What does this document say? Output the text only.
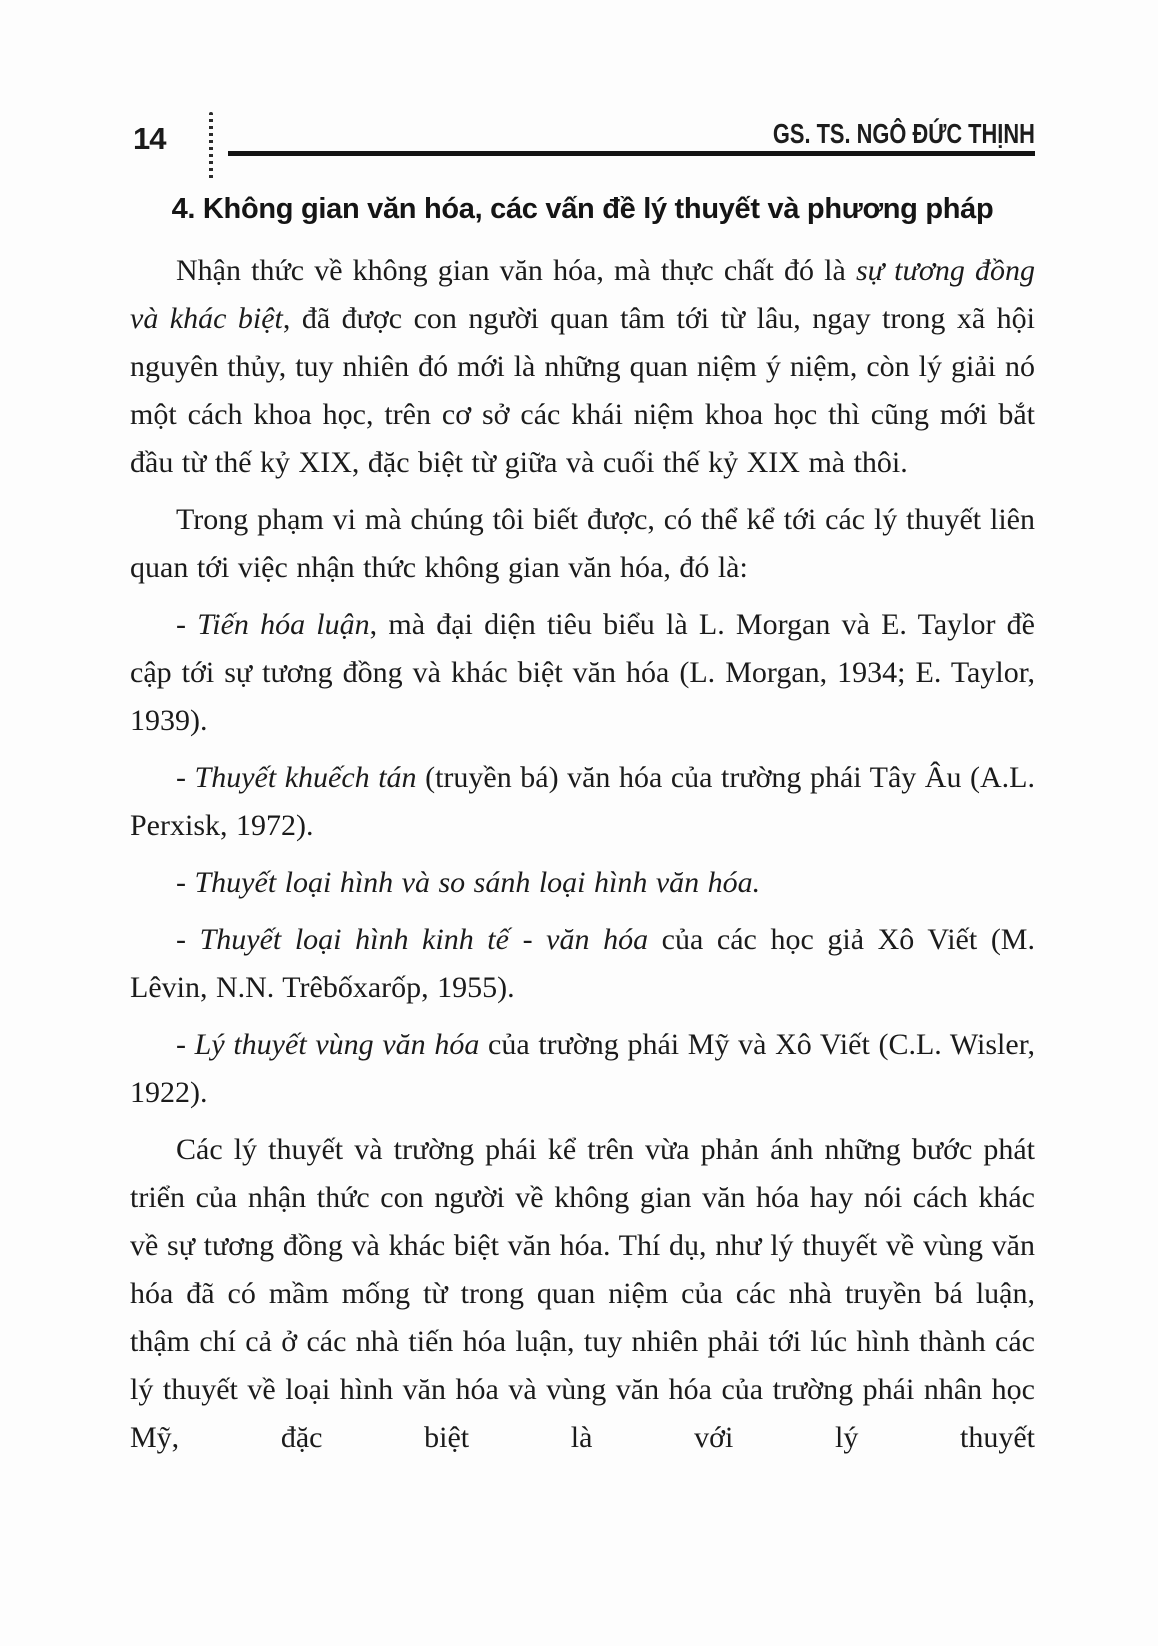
14	GS. TS. NGÔ ĐỨC THỊNH
4. Không gian văn hóa, các vấn đề lý thuyết và phương pháp

Nhận thức về không gian văn hóa, mà thực chất đó là sự tương đồng và khác biệt, đã được con người quan tâm tới từ lâu, ngay trong xã hội nguyên thủy, tuy nhiên đó mới là những quan niệm ý niệm, còn lý giải nó một cách khoa học, trên cơ sở các khái niệm khoa học thì cũng mới bắt đầu từ thế kỷ XIX, đặc biệt từ giữa và cuối thế kỷ XIX mà thôi.

Trong phạm vi mà chúng tôi biết được, có thể kể tới các lý thuyết liên quan tới việc nhận thức không gian văn hóa, đó là:

- Tiến hóa luận, mà đại diện tiêu biểu là L. Morgan và E. Taylor đề cập tới sự tương đồng và khác biệt văn hóa (L. Morgan, 1934; E. Taylor, 1939).

- Thuyết khuếch tán (truyền bá) văn hóa của trường phái Tây Âu (A.L. Perxisk, 1972).

- Thuyết loại hình và so sánh loại hình văn hóa.

- Thuyết loại hình kinh tế - văn hóa của các học giả Xô Viết (M. Lêvin, N.N. Trêbốxarốp, 1955).

- Lý thuyết vùng văn hóa của trường phái Mỹ và Xô Viết (C.L. Wisler, 1922).

Các lý thuyết và trường phái kể trên vừa phản ánh những bước phát triển của nhận thức con người về không gian văn hóa hay nói cách khác về sự tương đồng và khác biệt văn hóa. Thí dụ, như lý thuyết về vùng văn hóa đã có mầm mống từ trong quan niệm của các nhà truyền bá luận, thậm chí cả ở các nhà tiến hóa luận, tuy nhiên phải tới lúc hình thành các lý thuyết về loại hình văn hóa và vùng văn hóa của trường phái nhân học Mỹ, đặc biệt là với lý thuyết
